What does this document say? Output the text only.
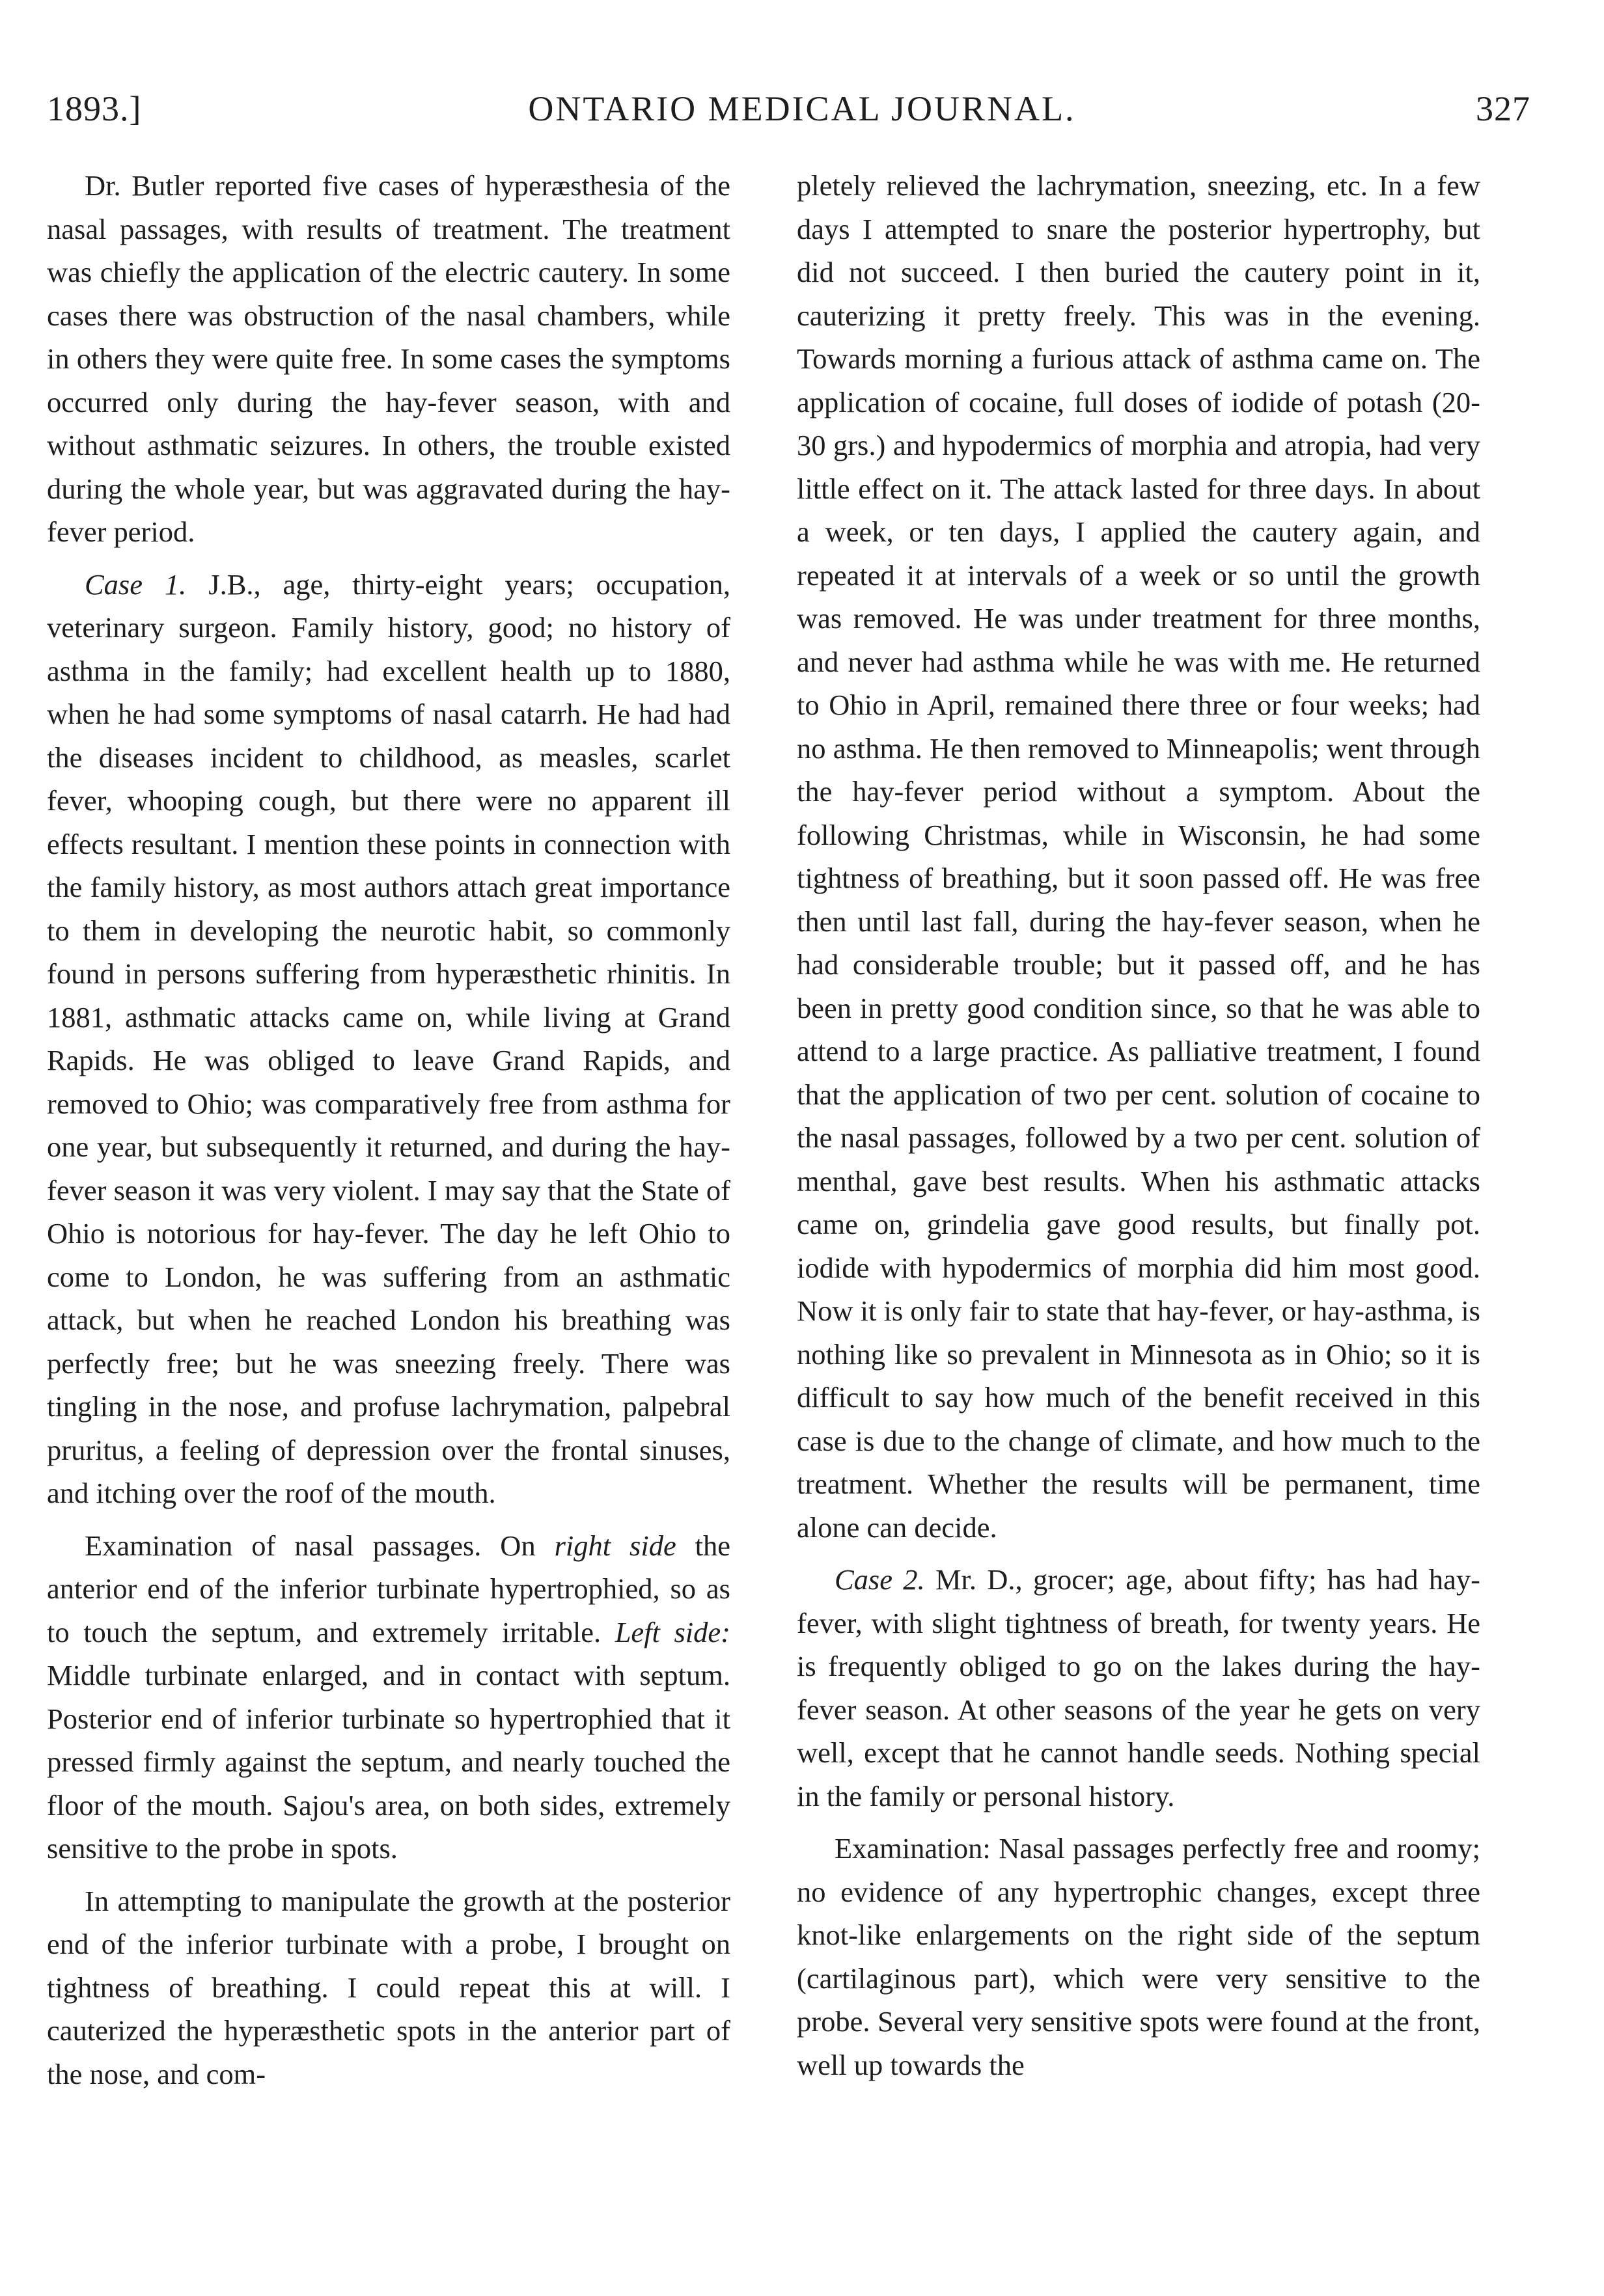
1893.]	ONTARIO MEDICAL JOURNAL.	327

Dr. Butler reported five cases of hyperæsthesia of the nasal passages, with results of treatment. The treatment was chiefly the application of the electric cautery. In some cases there was obstruction of the nasal chambers, while in others they were quite free. In some cases the symptoms occurred only during the hay-fever season, with and without asthmatic seizures. In others, the trouble existed during the whole year, but was aggravated during the hay-fever period.

Case 1. J.B., age, thirty-eight years; occupation, veterinary surgeon. Family history, good; no history of asthma in the family; had excellent health up to 1880, when he had some symptoms of nasal catarrh. He had had the diseases incident to childhood, as measles, scarlet fever, whooping cough, but there were no apparent ill effects resultant. I mention these points in connection with the family history, as most authors attach great importance to them in developing the neurotic habit, so commonly found in persons suffering from hyperæsthetic rhinitis. In 1881, asthmatic attacks came on, while living at Grand Rapids. He was obliged to leave Grand Rapids, and removed to Ohio; was comparatively free from asthma for one year, but subsequently it returned, and during the hay-fever season it was very violent. I may say that the State of Ohio is notorious for hay-fever. The day he left Ohio to come to London, he was suffering from an asthmatic attack, but when he reached London his breathing was perfectly free; but he was sneezing freely. There was tingling in the nose, and profuse lachrymation, palpebral pruritus, a feeling of depression over the frontal sinuses, and itching over the roof of the mouth.

Examination of nasal passages. On right side the anterior end of the inferior turbinate hypertrophied, so as to touch the septum, and extremely irritable. Left side: Middle turbinate enlarged, and in contact with septum. Posterior end of inferior turbinate so hypertrophied that it pressed firmly against the septum, and nearly touched the floor of the mouth. Sajou's area, on both sides, extremely sensitive to the probe in spots.

In attempting to manipulate the growth at the posterior end of the inferior turbinate with a probe, I brought on tightness of breathing. I could repeat this at will. I cauterized the hyperæsthetic spots in the anterior part of the nose, and com-

pletely relieved the lachrymation, sneezing, etc. In a few days I attempted to snare the posterior hypertrophy, but did not succeed. I then buried the cautery point in it, cauterizing it pretty freely. This was in the evening. Towards morning a furious attack of asthma came on. The application of cocaine, full doses of iodide of potash (20-30 grs.) and hypodermics of morphia and atropia, had very little effect on it. The attack lasted for three days. In about a week, or ten days, I applied the cautery again, and repeated it at intervals of a week or so until the growth was removed. He was under treatment for three months, and never had asthma while he was with me. He returned to Ohio in April, remained there three or four weeks; had no asthma. He then removed to Minneapolis; went through the hay-fever period without a symptom. About the following Christmas, while in Wisconsin, he had some tightness of breathing, but it soon passed off. He was free then until last fall, during the hay-fever season, when he had considerable trouble; but it passed off, and he has been in pretty good condition since, so that he was able to attend to a large practice. As palliative treatment, I found that the application of two per cent. solution of cocaine to the nasal passages, followed by a two per cent. solution of menthal, gave best results. When his asthmatic attacks came on, grindelia gave good results, but finally pot. iodide with hypodermics of morphia did him most good. Now it is only fair to state that hay-fever, or hay-asthma, is nothing like so prevalent in Minnesota as in Ohio; so it is difficult to say how much of the benefit received in this case is due to the change of climate, and how much to the treatment. Whether the results will be permanent, time alone can decide.

Case 2. Mr. D., grocer; age, about fifty; has had hay-fever, with slight tightness of breath, for twenty years. He is frequently obliged to go on the lakes during the hay-fever season. At other seasons of the year he gets on very well, except that he cannot handle seeds. Nothing special in the family or personal history.

Examination: Nasal passages perfectly free and roomy; no evidence of any hypertrophic changes, except three knot-like enlargements on the right side of the septum (cartilaginous part), which were very sensitive to the probe. Several very sensitive spots were found at the front, well up towards the
